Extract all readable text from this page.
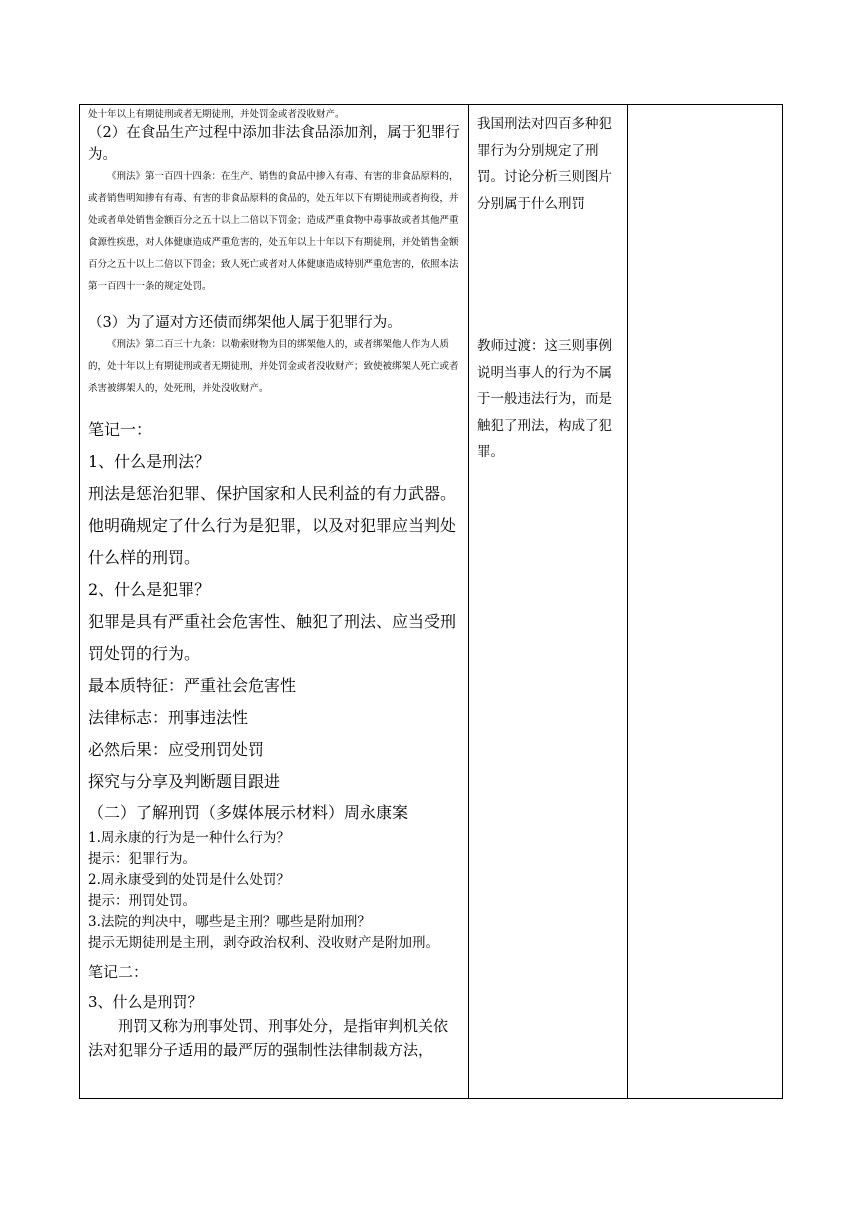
处十年以上有期徒刑或者无期徒刑，并处罚金或者没收财产。

（2）在食品生产过程中添加非法食品添加剂，属于犯罪行为。

《刑法》第一百四十四条：在生产、销售的食品中掺入有毒、有害的非食品原料的，或者销售明知掺有有毒、有害的非食品原料的食品的，处五年以下有期徒刑或者拘役，并处或者单处销售金额百分之五十以上二倍以下罚金；造成严重食物中毒事故或者其他严重食源性疾患，对人体健康造成严重危害的，处五年以上十年以下有期徒刑，并处销售金额百分之五十以上二倍以下罚金；致人死亡或者对人体健康造成特别严重危害的，依照本法第一百四十一条的规定处罚。

（3）为了逼对方还债而绑架他人属于犯罪行为。

《刑法》第二百三十九条：以勒索财物为目的绑架他人的，或者绑架他人作为人质的，处十年以上有期徒刑或者无期徒刑，并处罚金或者没收财产；致使被绑架人死亡或者杀害被绑架人的，处死刑，并处没收财产。

笔记一：

1、什么是刑法？

刑法是惩治犯罪、保护国家和人民利益的有力武器。他明确规定了什么行为是犯罪，以及对犯罪应当判处什么样的刑罚。

2、什么是犯罪？

犯罪是具有严重社会危害性、触犯了刑法、应当受刑罚处罚的行为。

最本质特征：严重社会危害性

法律标志：刑事违法性

必然后果：应受刑罚处罚

探究与分享及判断题目跟进

（二）了解刑罚（多媒体展示材料）周永康案

1.周永康的行为是一种什么行为？

提示：犯罪行为。

2.周永康受到的处罚是什么处罚？

提示：刑罚处罚。

3.法院的判决中，哪些是主刑？哪些是附加刑？

提示无期徒刑是主刑，剥夺政治权利、没收财产是附加刑。

笔记二：

3、什么是刑罚？

刑罚又称为刑事处罚、刑事处分，是指审判机关依法对犯罪分子适用的最严厉的强制性法律制裁方法，

我国刑法对四百多种犯罪行为分别规定了刑罚。讨论分析三则图片分别属于什么刑罚

教师过渡：这三则事例说明当事人的行为不属于一般违法行为，而是触犯了刑法，构成了犯罪。
